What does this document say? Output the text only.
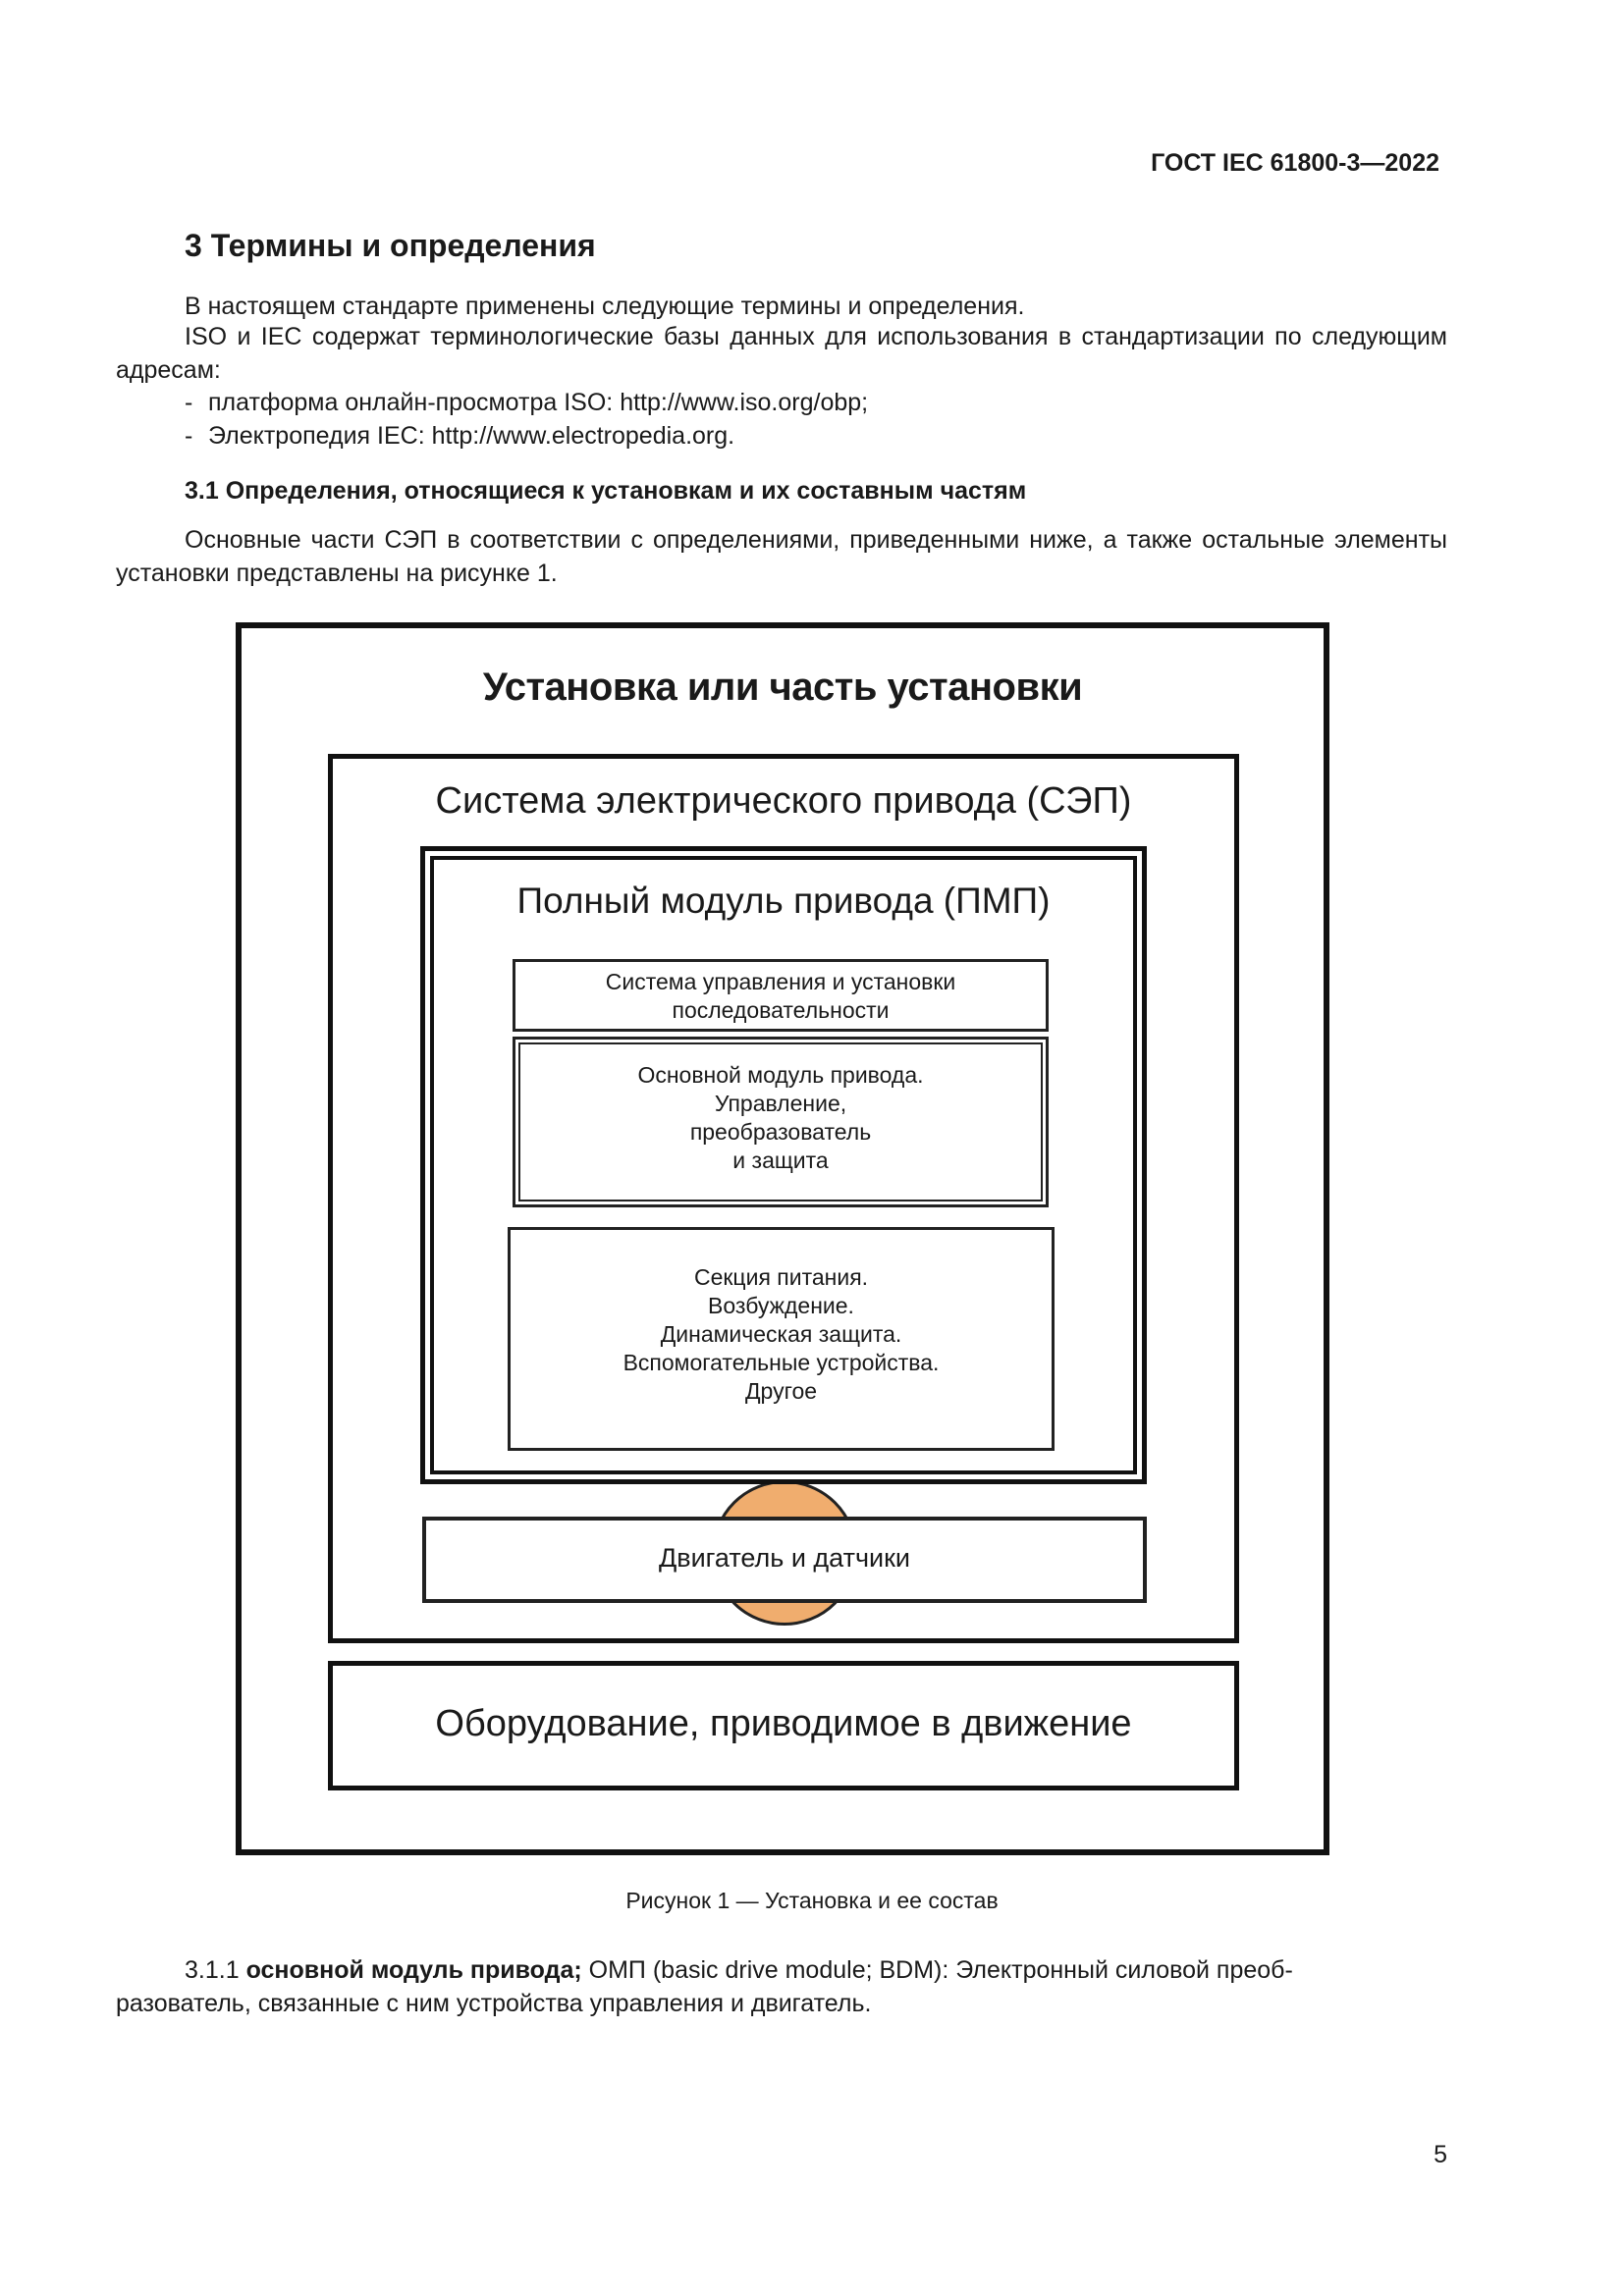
ГОСТ IEC 61800-3—2022
3 Термины и определения
В настоящем стандарте применены следующие термины и определения.
ISO и IEC содержат терминологические базы данных для использования в стандартизации по следующим адресам:
- платформа онлайн-просмотра ISO: http://www.iso.org/obp;
- Электропедия IEC: http://www.electropedia.org.
3.1 Определения, относящиеся к установкам и их составным частям
Основные части СЭП в соответствии с определениями, приведенными ниже, а также остальные элементы установки представлены на рисунке 1.
Установка или часть установки
Система электрического привода (СЭП)
Полный модуль привода (ПМП)
Система управления и установки
последовательности
Основной модуль привода.
Управление,
преобразователь
и защита
Секция питания.
Возбуждение.
Динамическая защита.
Вспомогательные устройства.
Другое
Двигатель и датчики
Оборудование, приводимое в движение
Рисунок 1 — Установка и ее состав
3.1.1 основной модуль привода; ОМП (basic drive module; BDM): Электронный силовой преоб-
разователь, связанные с ним устройства управления и двигатель.
5
